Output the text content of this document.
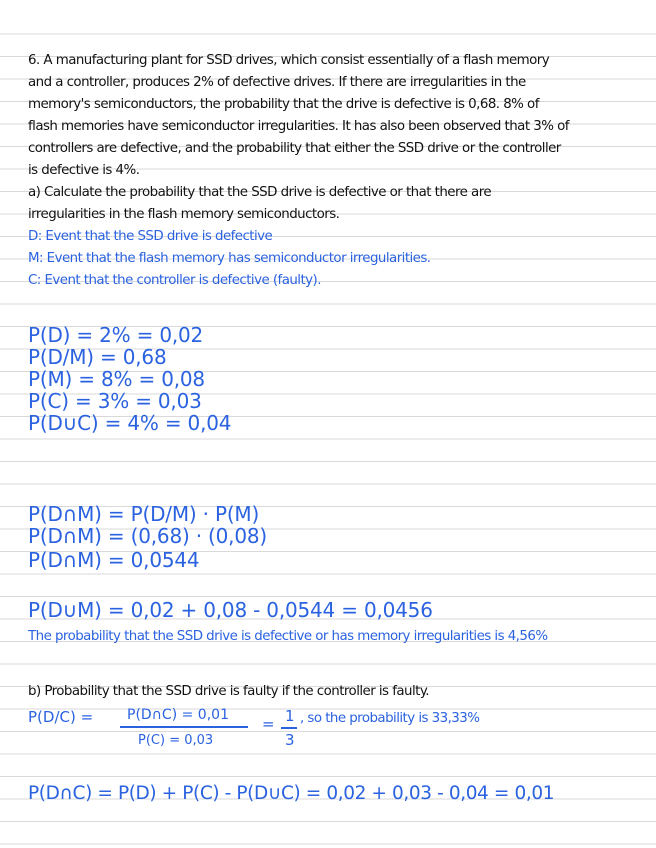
6. A manufacturing plant for SSD drives, which consist essentially of a flash memory
and a controller, produces 2% of defective drives. If there are irregularities in the
memory's semiconductors, the probability that the drive is defective is 0,68. 8% of
flash memories have semiconductor irregularities. It has also been observed that 3% of
controllers are defective, and the probability that either the SSD drive or the controller
is defective is 4%.
a) Calculate the probability that the SSD drive is defective or that there are
irregularities in the flash memory semiconductors.
D: Event that the SSD drive is defective
M: Event that the flash memory has semiconductor irregularities.
C: Event that the controller is defective (faulty).
P(D) = 2% = 0,02
P(D/M) = 0,68
P(M) = 8% = 0,08
P(C) = 3% = 0,03
P(D∪C) = 4% = 0,04
P(D∩M) = P(D/M) · P(M)
P(D∩M) = (0,68) · (0,08)
P(D∩M) = 0,0544
P(D∪M) = 0,02 + 0,08 - 0,0544 = 0,0456
The probability that the SSD drive is defective or has memory irregularities is 4,56%
b) Probability that the SSD drive is faulty if the controller is faulty.
P(D/C) = P(D∩C) = 0,01
P(C) = 0,03
= 1
3
, so the probability is 33,33%
P(D∩C) = P(D) + P(C) - P(D∪C) = 0,02 + 0,03 - 0,04 = 0,01
